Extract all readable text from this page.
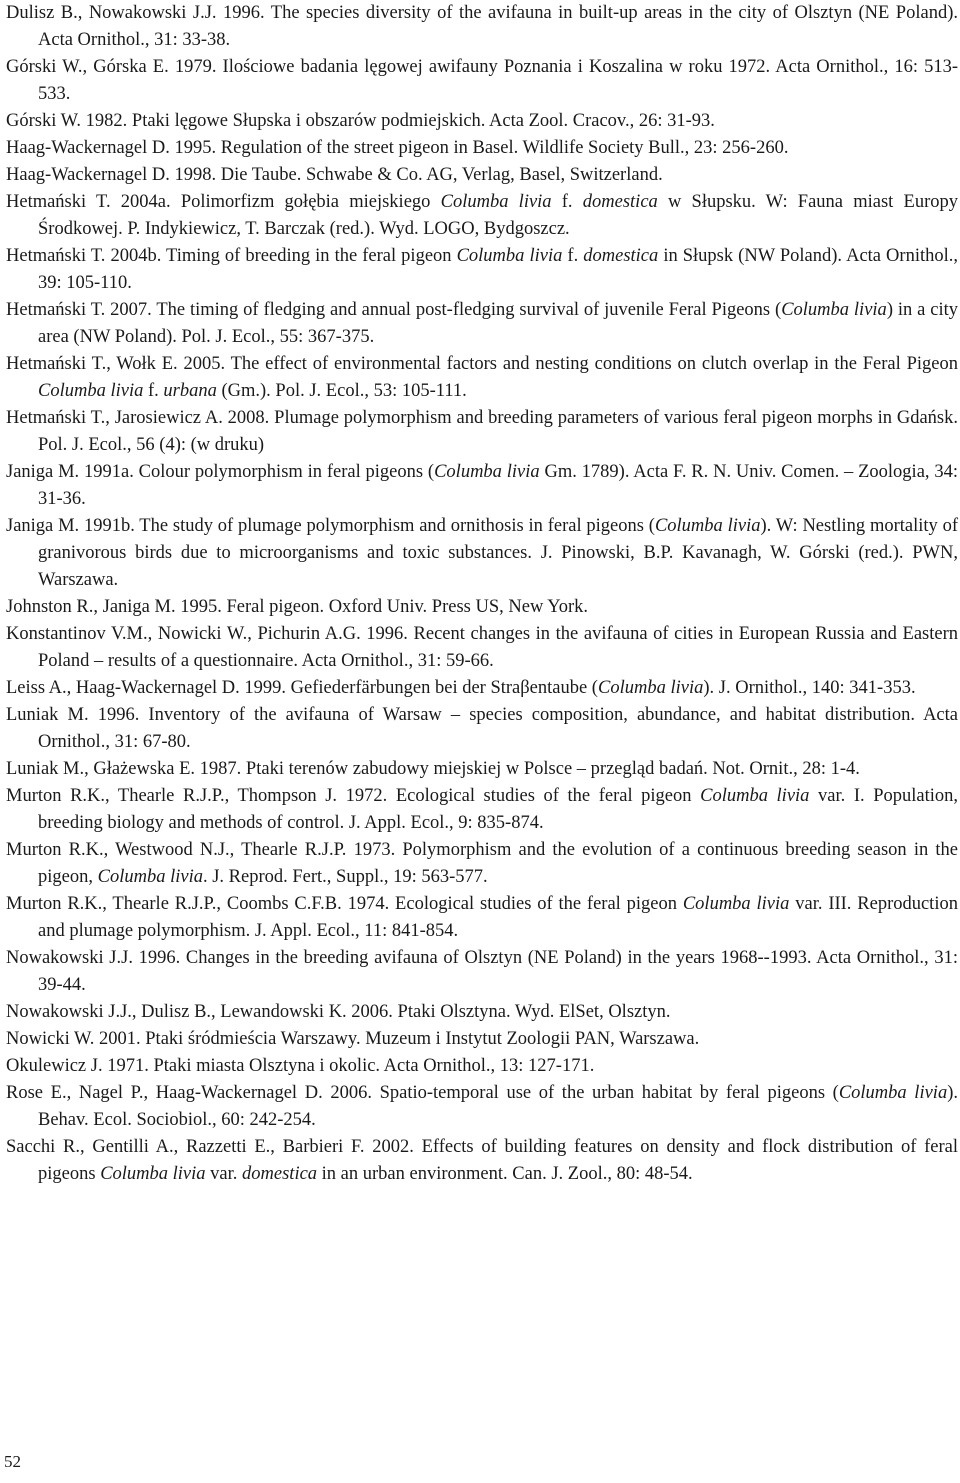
Dulisz B., Nowakowski J.J. 1996. The species diversity of the avifauna in built-up areas in the city of Olsztyn (NE Poland). Acta Ornithol., 31: 33-38.

Górski W., Górska E. 1979. Ilościowe badania lęgowej awifauny Poznania i Koszalina w roku 1972. Acta Ornithol., 16: 513-533.

Górski W. 1982. Ptaki lęgowe Słupska i obszarów podmiejskich. Acta Zool. Cracov., 26: 31-93.

Haag-Wackernagel D. 1995. Regulation of the street pigeon in Basel. Wildlife Society Bull., 23: 256-260.

Haag-Wackernagel D. 1998. Die Taube. Schwabe & Co. AG, Verlag, Basel, Switzerland.

Hetmański T. 2004a. Polimorfizm gołębia miejskiego Columba livia f. domestica w Słupsku. W: Fauna miast Europy Środkowej. P. Indykiewicz, T. Barczak (red.). Wyd. LOGO, Bydgoszcz.

Hetmański T. 2004b. Timing of breeding in the feral pigeon Columba livia f. domestica in Słupsk (NW Poland). Acta Ornithol., 39: 105-110.

Hetmański T. 2007. The timing of fledging and annual post-fledging survival of juvenile Feral Pigeons (Columba livia) in a city area (NW Poland). Pol. J. Ecol., 55: 367-375.

Hetmański T., Wołk E. 2005. The effect of environmental factors and nesting conditions on clutch overlap in the Feral Pigeon Columba livia f. urbana (Gm.). Pol. J. Ecol., 53: 105-111.

Hetmański T., Jarosiewicz A. 2008. Plumage polymorphism and breeding parameters of various feral pigeon morphs in Gdańsk. Pol. J. Ecol., 56 (4): (w druku)

Janiga M. 1991a. Colour polymorphism in feral pigeons (Columba livia Gm. 1789). Acta F. R. N. Univ. Comen. – Zoologia, 34: 31-36.

Janiga M. 1991b. The study of plumage polymorphism and ornithosis in feral pigeons (Columba livia). W: Nestling mortality of granivorous birds due to microorganisms and toxic substances. J. Pinowski, B.P. Kavanagh, W. Górski (red.). PWN, Warszawa.

Johnston R., Janiga M. 1995. Feral pigeon. Oxford Univ. Press US, New York.

Konstantinov V.M., Nowicki W., Pichurin A.G. 1996. Recent changes in the avifauna of cities in European Russia and Eastern Poland – results of a questionnaire. Acta Ornithol., 31: 59-66.

Leiss A., Haag-Wackernagel D. 1999. Gefiederfärbungen bei der Straβentaube (Columba livia). J. Ornithol., 140: 341-353.

Luniak M. 1996. Inventory of the avifauna of Warsaw – species composition, abundance, and habitat distribution. Acta Ornithol., 31: 67-80.

Luniak M., Głażewska E. 1987. Ptaki terenów zabudowy miejskiej w Polsce – przegląd badań. Not. Ornit., 28: 1-4.

Murton R.K., Thearle R.J.P., Thompson J. 1972. Ecological studies of the feral pigeon Columba livia var. I. Population, breeding biology and methods of control. J. Appl. Ecol., 9: 835-874.

Murton R.K., Westwood N.J., Thearle R.J.P. 1973. Polymorphism and the evolution of a continuous breeding season in the pigeon, Columba livia. J. Reprod. Fert., Suppl., 19: 563-577.

Murton R.K., Thearle R.J.P., Coombs C.F.B. 1974. Ecological studies of the feral pigeon Columba livia var. III. Reproduction and plumage polymorphism. J. Appl. Ecol., 11: 841-854.

Nowakowski J.J. 1996. Changes in the breeding avifauna of Olsztyn (NE Poland) in the years 1968--1993. Acta Ornithol., 31: 39-44.

Nowakowski J.J., Dulisz B., Lewandowski K. 2006. Ptaki Olsztyna. Wyd. ElSet, Olsztyn.

Nowicki W. 2001. Ptaki śródmieścia Warszawy. Muzeum i Instytut Zoologii PAN, Warszawa.

Okulewicz J. 1971. Ptaki miasta Olsztyna i okolic. Acta Ornithol., 13: 127-171.

Rose E., Nagel P., Haag-Wackernagel D. 2006. Spatio-temporal use of the urban habitat by feral pigeons (Columba livia). Behav. Ecol. Sociobiol., 60: 242-254.

Sacchi R., Gentilli A., Razzetti E., Barbieri F. 2002. Effects of building features on density and flock distribution of feral pigeons Columba livia var. domestica in an urban environment. Can. J. Zool., 80: 48-54.

52
